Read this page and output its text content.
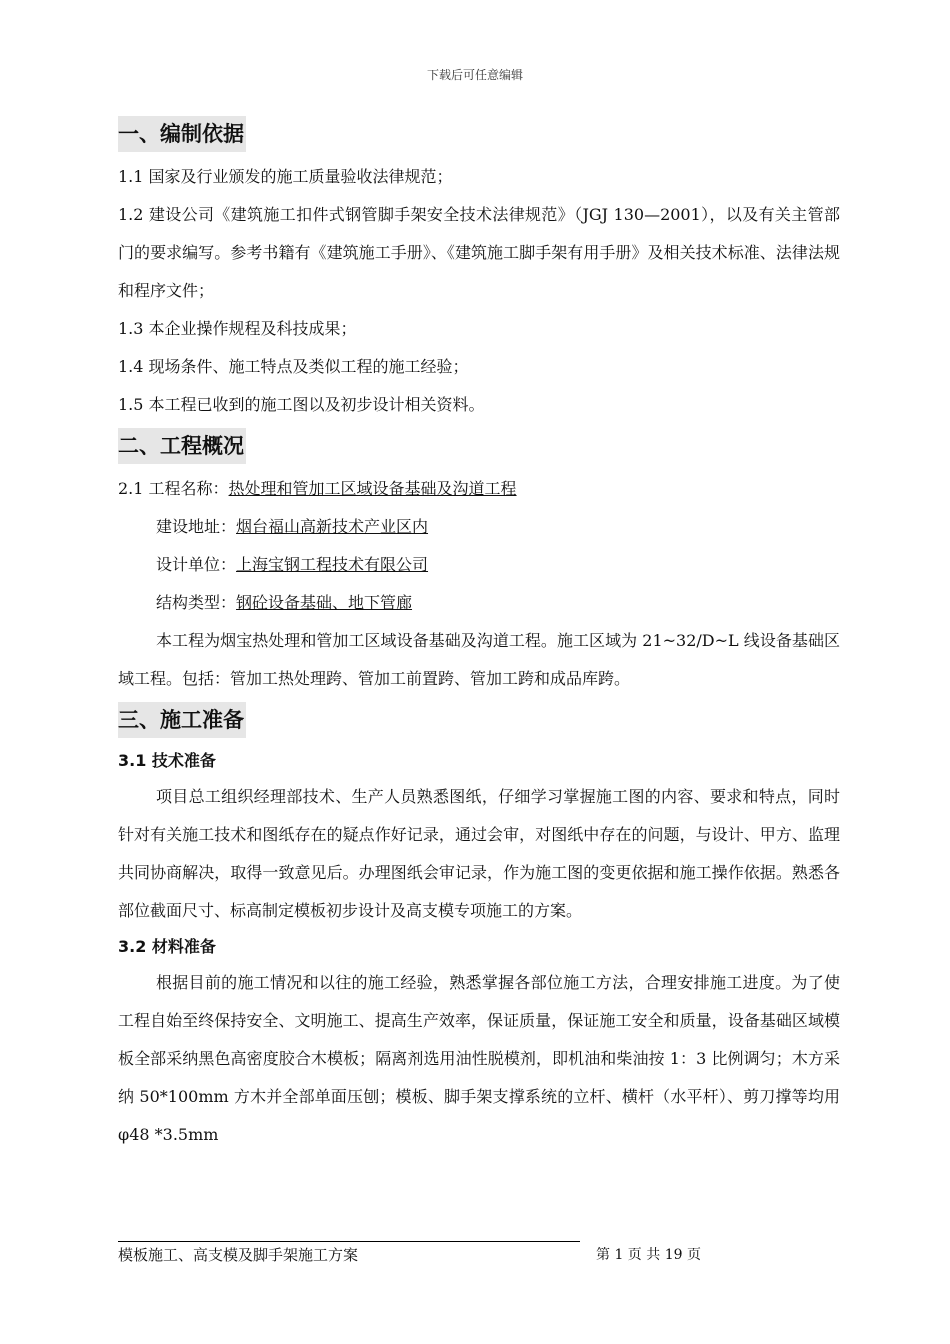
下载后可任意编辑
一、编制依据

1.1 国家及行业颁发的施工质量验收法律规范；

1.2 建设公司《建筑施工扣件式钢管脚手架安全技术法律规范》（JGJ 130—2001），以及有关主管部门的要求编写。参考书籍有《建筑施工手册》、《建筑施工脚手架有用手册》及相关技术标准、法律法规和程序文件；

1.3 本企业操作规程及科技成果；

1.4 现场条件、施工特点及类似工程的施工经验；

1.5 本工程已收到的施工图以及初步设计相关资料。

二、工程概况

2.1 工程名称：热处理和管加工区域设备基础及沟道工程

建设地址：烟台福山高新技术产业区内

设计单位：上海宝钢工程技术有限公司

结构类型：钢砼设备基础、地下管廊

本工程为烟宝热处理和管加工区域设备基础及沟道工程。施工区域为 21~32/D~L 线设备基础区域工程。包括：管加工热处理跨、管加工前置跨、管加工跨和成品库跨。

三、施工准备
3.1 技术准备

项目总工组织经理部技术、生产人员熟悉图纸，仔细学习掌握施工图的内容、要求和特点，同时针对有关施工技术和图纸存在的疑点作好记录，通过会审，对图纸中存在的问题，与设计、甲方、监理共同协商解决，取得一致意见后。办理图纸会审记录，作为施工图的变更依据和施工操作依据。熟悉各部位截面尺寸、标高制定模板初步设计及高支模专项施工的方案。

3.2 材料准备

根据目前的施工情况和以往的施工经验，熟悉掌握各部位施工方法，合理安排施工进度。为了使工程自始至终保持安全、文明施工、提高生产效率，保证质量，保证施工安全和质量，设备基础区域模板全部采纳黑色高密度胶合木模板；隔离剂选用油性脱模剂，即机油和柴油按 1：3 比例调匀；木方采纳 50*100mm 方木并全部单面压刨；模板、脚手架支撑系统的立杆、横杆（水平杆）、剪刀撑等均用 φ48 *3.5mm

模板施工、高支模及脚手架施工方案	第 1 页 共 19 页
